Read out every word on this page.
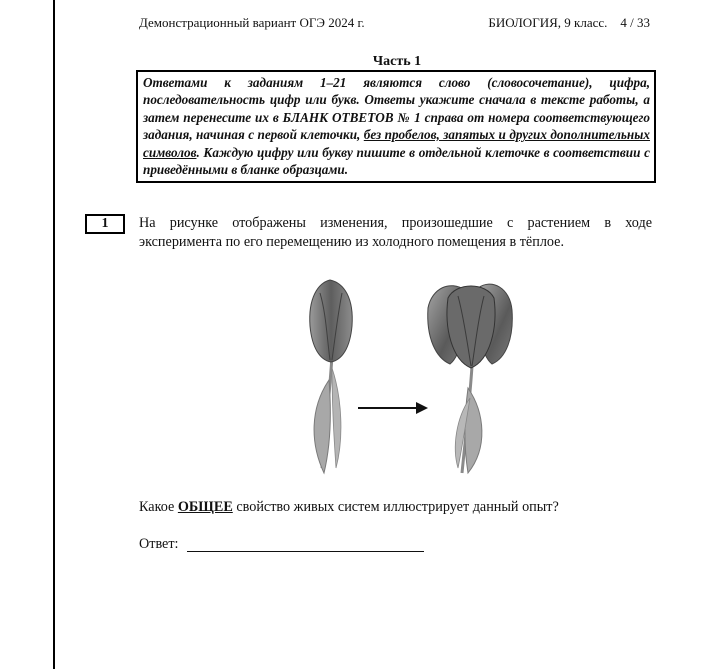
Демонстрационный вариант ОГЭ 2024 г.	БИОЛОГИЯ, 9 класс.    4 / 33
Часть 1
Ответами к заданиям 1–21 являются слово (словосочетание), цифра, последовательность цифр или букв. Ответы укажите сначала в тексте работы, а затем перенесите их в БЛАНК ОТВЕТОВ № 1 справа от номера соответствующего задания, начиная с первой клеточки, без пробелов, запятых и других дополнительных символов. Каждую цифру или букву пишите в отдельной клеточке в соответствии с приведёнными в бланке образцами.
1	На рисунке отображены изменения, произошедшие с растением в ходе эксперимента по его перемещению из холодного помещения в тёплое.
Какое ОБЩЕЕ свойство живых систем иллюстрирует данный опыт?
Ответ:
